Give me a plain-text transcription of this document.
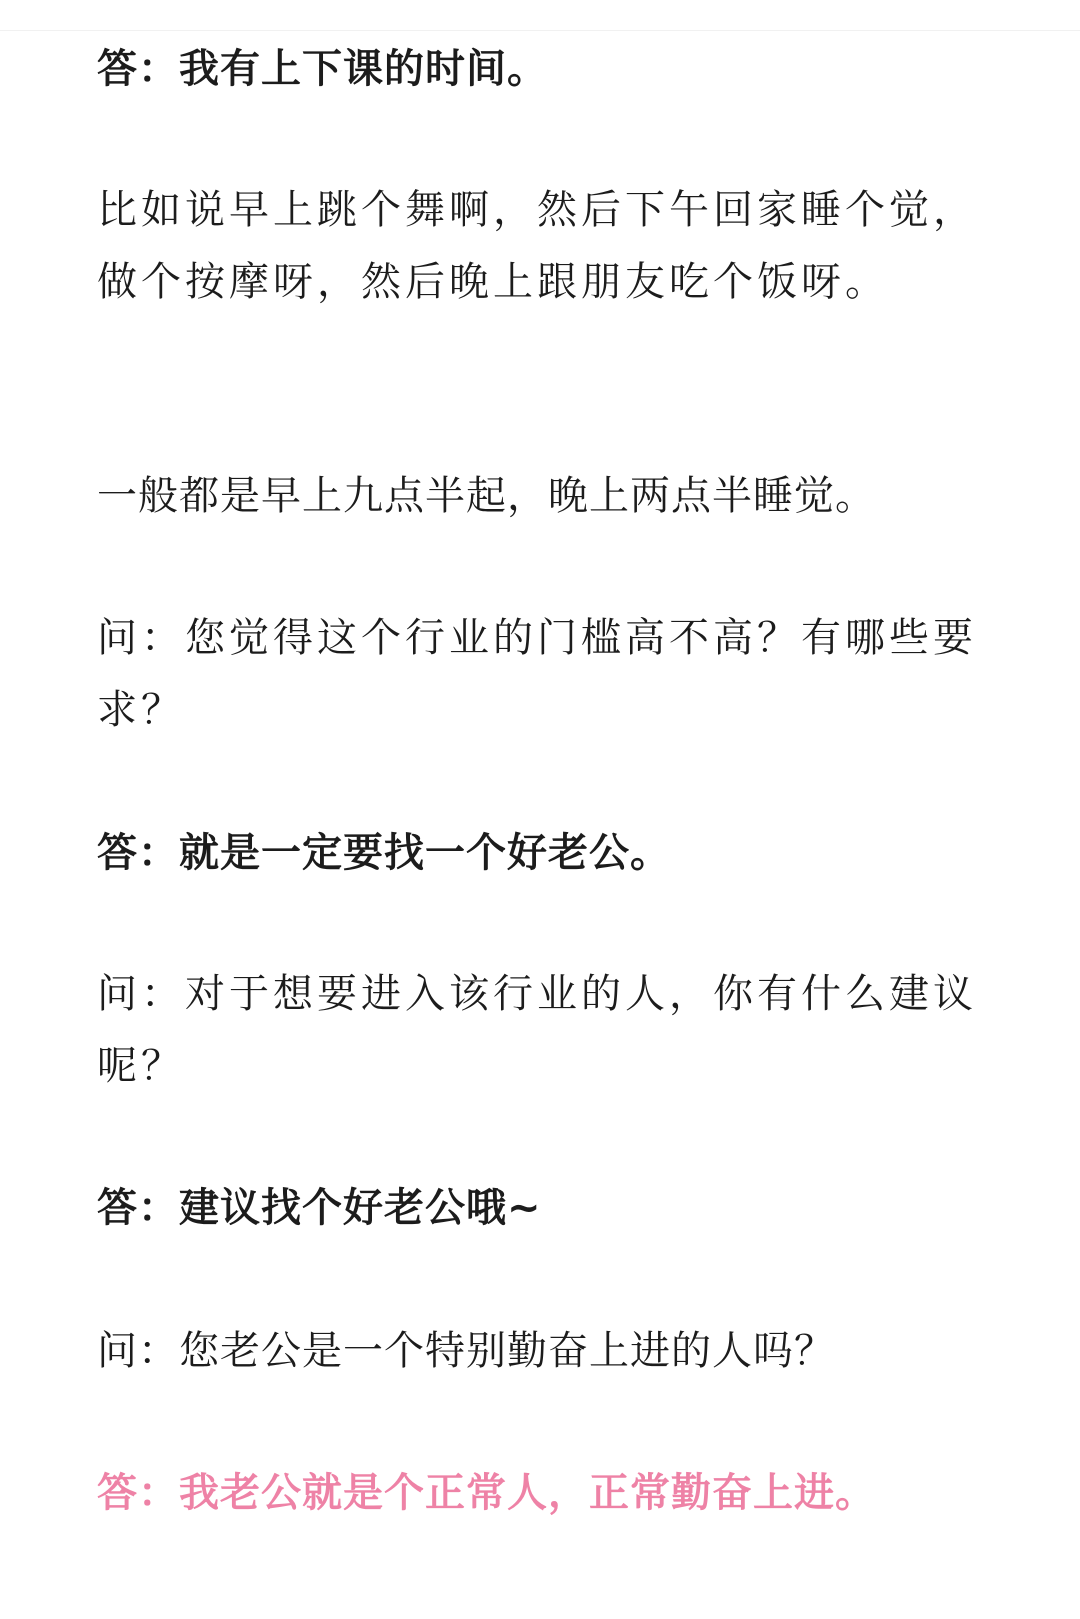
答：我有上下课的时间。

比如说早上跳个舞啊，然后下午回家睡个觉，做个按摩呀，然后晚上跟朋友吃个饭呀。

一般都是早上九点半起，晚上两点半睡觉。

问：您觉得这个行业的门槛高不高？有哪些要求？

答：就是一定要找一个好老公。

问：对于想要进入该行业的人，你有什么建议呢？

答：建议找个好老公哦~

问：您老公是一个特别勤奋上进的人吗？

答：我老公就是个正常人，正常勤奋上进。
